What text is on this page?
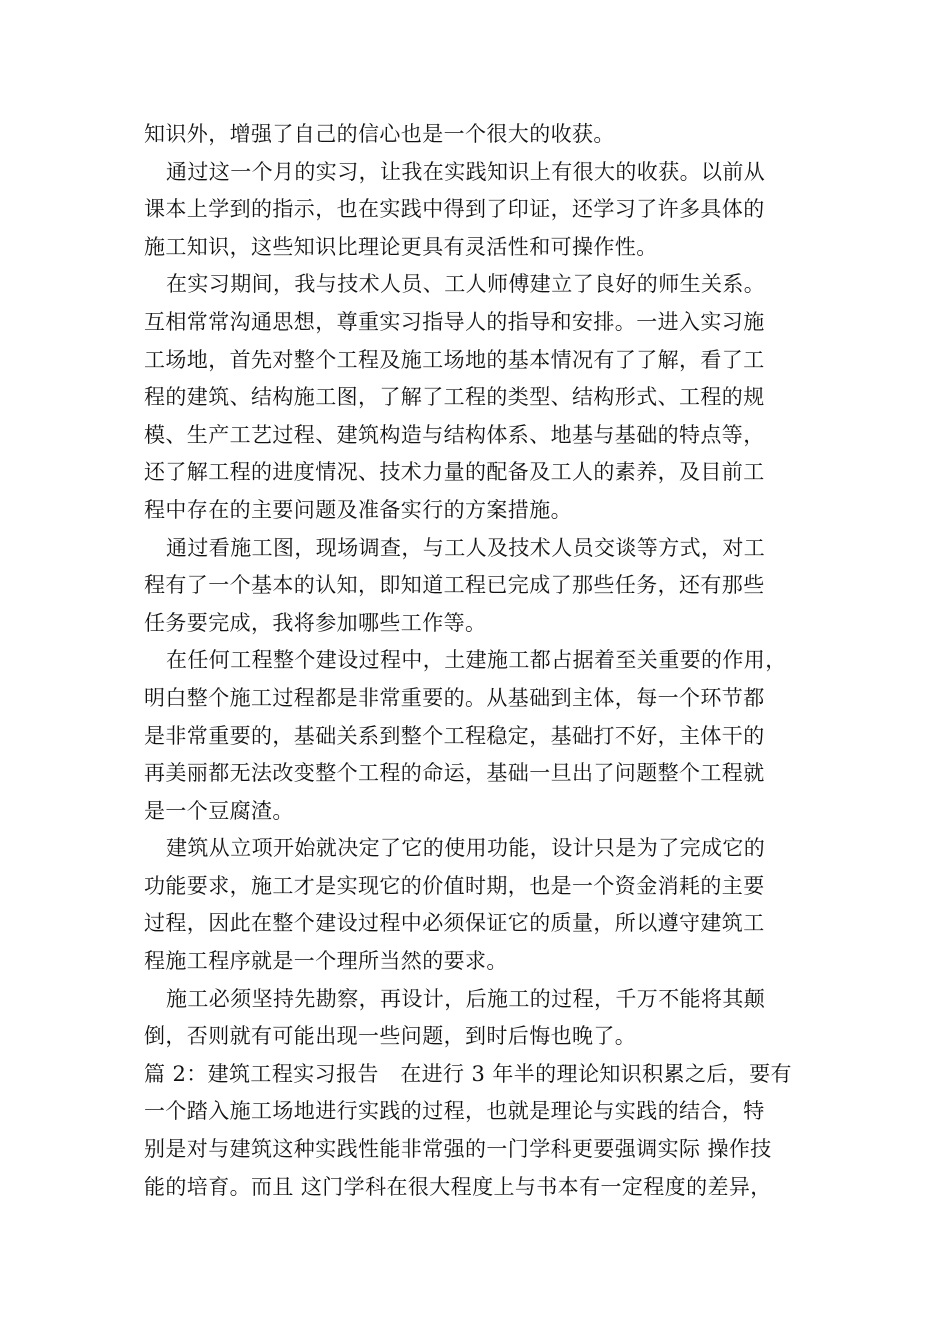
知识外，增强了自己的信心也是一个很大的收获。
通过这一个月的实习，让我在实践知识上有很大的收获。以前从
课本上学到的指示，也在实践中得到了印证，还学习了许多具体的
施工知识，这些知识比理论更具有灵活性和可操作性。
在实习期间，我与技术人员、工人师傅建立了良好的师生关系。
互相常常沟通思想，尊重实习指导人的指导和安排。一进入实习施
工场地，首先对整个工程及施工场地的基本情况有了了解，看了工
程的建筑、结构施工图，了解了工程的类型、结构形式、工程的规
模、生产工艺过程、建筑构造与结构体系、地基与基础的特点等，
还了解工程的进度情况、技术力量的配备及工人的素养，及目前工
程中存在的主要问题及准备实行的方案措施。
通过看施工图，现场调查，与工人及技术人员交谈等方式，对工
程有了一个基本的认知，即知道工程已完成了那些任务，还有那些
任务要完成，我将参加哪些工作等。
在任何工程整个建设过程中，土建施工都占据着至关重要的作用，
明白整个施工过程都是非常重要的。从基础到主体，每一个环节都
是非常重要的，基础关系到整个工程稳定，基础打不好，主体干的
再美丽都无法改变整个工程的命运，基础一旦出了问题整个工程就
是一个豆腐渣。
建筑从立项开始就决定了它的使用功能，设计只是为了完成它的
功能要求，施工才是实现它的价值时期，也是一个资金消耗的主要
过程，因此在整个建设过程中必须保证它的质量，所以遵守建筑工
程施工程序就是一个理所当然的要求。
施工必须坚持先勘察，再设计，后施工的过程，千万不能将其颠
倒，否则就有可能出现一些问题，到时后悔也晚了。
篇 2：建筑工程实习报告　在进行 3 年半的理论知识积累之后，要有
一个踏入施工场地进行实践的过程，也就是理论与实践的结合，特
别是对与建筑这种实践性能非常强的一门学科更要强调实际 操作技
能的培育。而且 这门学科在很大程度上与书本有一定程度的差异，
